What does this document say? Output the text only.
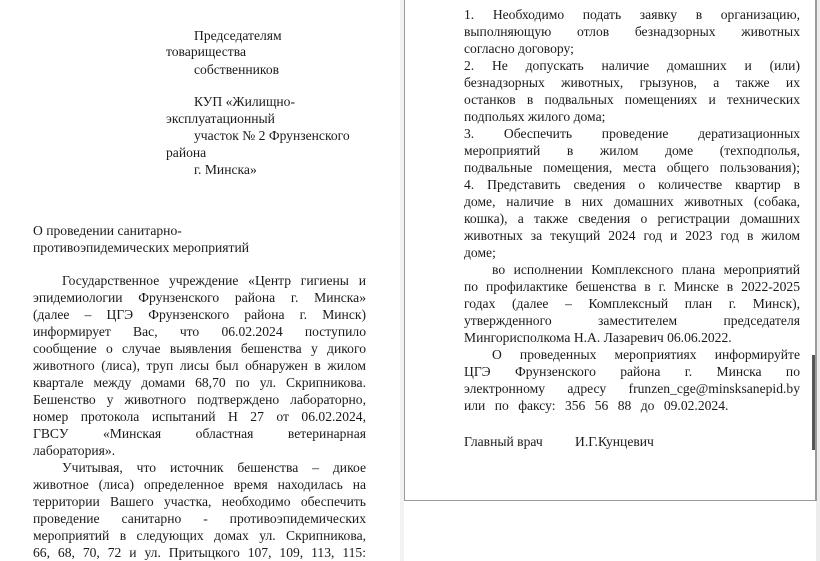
Председателям
товарищества
собственников
КУП «Жилищно-
эксплуатационный
участок № 2 Фрунзенского
района
г. Минска»
О проведении санитарно-
противоэпидемических мероприятий
Государственное учреждение «Центр гигиены и
эпидемиологии Фрунзенского района г. Минска»
(далее – ЦГЭ Фрунзенского района г. Минск)
информирует Вас, что 06.02.2024 поступило
сообщение о случае выявления бешенства у дикого
животного (лиса), труп лисы был обнаружен в жилом
квартале между домами 68,70 по ул. Скрипникова.
Бешенство у животного подтверждено лабораторно,
номер протокола испытаний Н 27 от 06.02.2024,
ГВСУ «Минская областная ветеринарная
лаборатория».
Учитывая, что источник бешенства – дикое
животное (лиса) определенное время находилась на
территории Вашего участка, необходимо обеспечить
проведение санитарно - противоэпидемических
мероприятий в следующих домах ул. Скрипникова,
66, 68, 70, 72 и ул. Притыцкого 107, 109, 113, 115:
1. Необходимо подать заявку в организацию,
выполняющую отлов безнадзорных животных
согласно договору;
2. Не допускать наличие домашних и (или)
безнадзорных животных, грызунов, а также их
останков в подвальных помещениях и технических
подпольях жилого дома;
3. Обеспечить проведение дератизационных
мероприятий в жилом доме (техподполья,
подвальные помещения, места общего пользования);
4. Представить сведения о количестве квартир в
доме, наличие в них домашних животных (собака,
кошка), а также сведения о регистрации домашних
животных за текущий 2024 год и 2023 год в жилом
доме;
во исполнении Комплексного плана мероприятий
по профилактике бешенства в г. Минске в 2022-2025
годах (далее – Комплексный план г. Минск),
утвержденного заместителем председателя
Мингорисполкома Н.А. Лазаревич 06.06.2022.
О проведенных мероприятиях информируйте
ЦГЭ Фрунзенского района г. Минска по
электронному адресу frunzen_cge@minsksanepid.by
или по факсу: 356 56 88 до 09.02.2024.
Главный врач И.Г.Кунцевич
